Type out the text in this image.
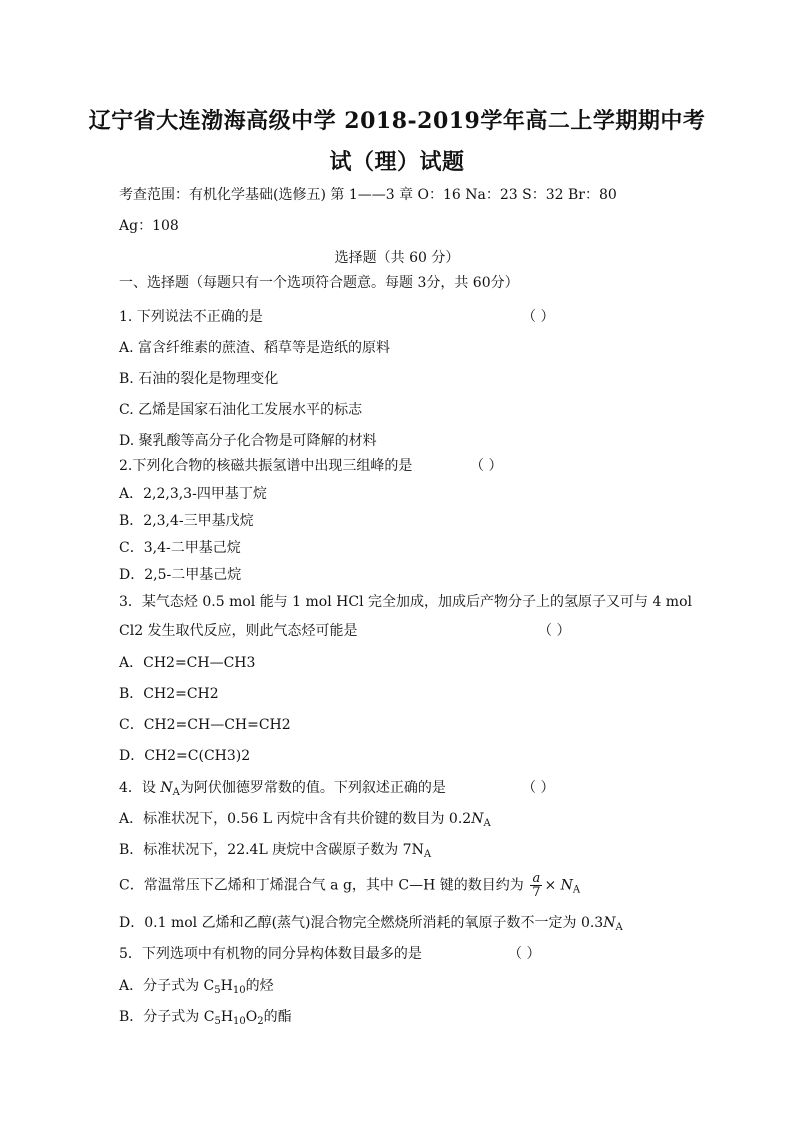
辽宁省大连渤海高级中学 2018-2019学年高二上学期期中考
试（理）试题
考查范围：有机化学基础(选修五) 第 1——3 章 O：16 Na：23 S：32 Br：80
Ag：108
选择题（共 60 分）
一、选择题（每题只有一个选项符合题意。每题 3分，共 60分）
1. 下列说法不正确的是	（ ）
A. 富含纤维素的蔗渣、稻草等是造纸的原料
B. 石油的裂化是物理变化
C. 乙烯是国家石油化工发展水平的标志
D. 聚乳酸等高分子化合物是可降解的材料
2.下列化合物的核磁共振氢谱中出现三组峰的是	（ ）
A．2,2,3,3-四甲基丁烷
B．2,3,4-三甲基戊烷
C．3,4-二甲基己烷
D．2,5-二甲基己烷
3．某气态烃 0.5 mol 能与 1 mol HCl 完全加成，加成后产物分子上的氢原子又可与 4 mol
Cl2 发生取代反应，则此气态烃可能是	（ ）
A．CH2=CH—CH3
B．CH2=CH2
C．CH2=CH—CH=CH2
D．CH2=C(CH3)2
4．设 $N_A$为阿伏伽德罗常数的值。下列叙述正确的是	（ ）
A．标准状况下，0.56 L 丙烷中含有共价键的数目为 $0.2N_A$
B．标准状况下，22.4L 庚烷中含碳原子数为 $7N_A$
C．常温常压下乙烯和丁烯混合气 a g，其中 C—H 键的数目约为 $\frac{a}{7} \times N_A$
D．0.1 mol 乙烯和乙醇(蒸气)混合物完全燃烧所消耗的氧原子数不一定为 $0.3N_A$
5．下列选项中有机物的同分异构体数目最多的是	（ ）
A．分子式为 $C_5H_{10}$的烃
B．分子式为 $C_5H_{10}O_2$的酯
